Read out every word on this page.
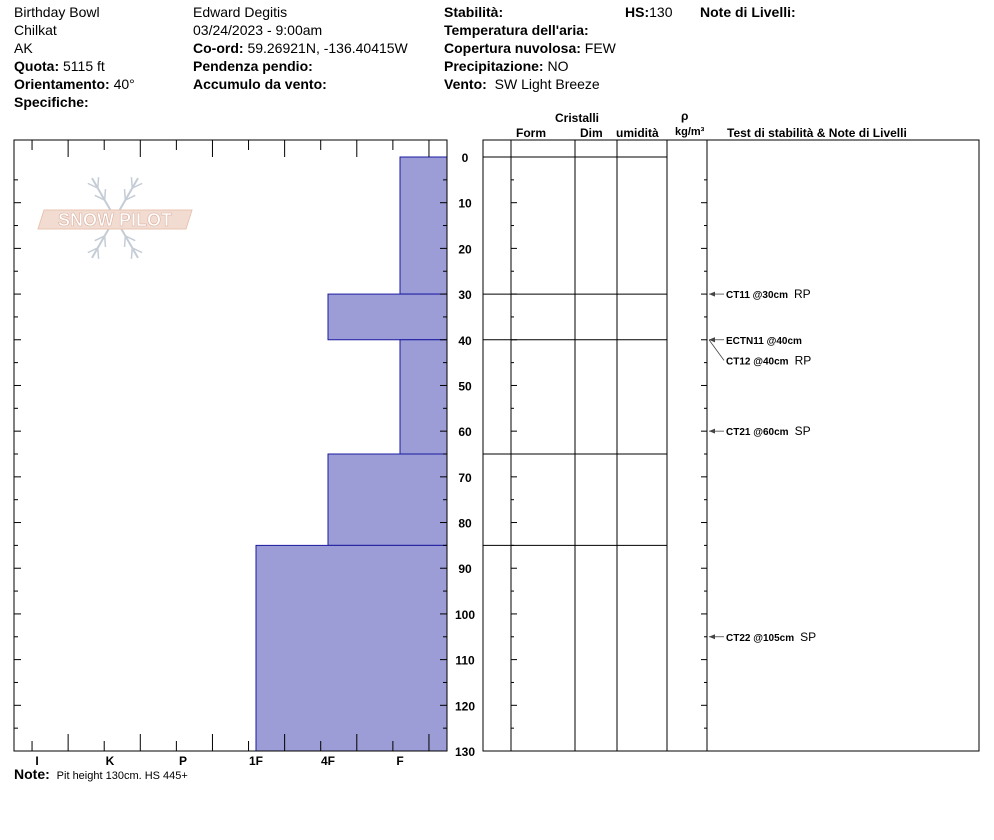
Birthday Bowl
Chilkat
AK
Quota: 5115 ft
Orientamento: 40°
Specifiche:
Edward Degitis
03/24/2023 - 9:00am
Co-ord: 59.26921N, -136.40415W
Pendenza pendio:
Accumulo da vento:
Stabilità:
Temperatura dell'aria:
Copertura nuvolosa: FEW
Precipitazione: NO
Vento: SW Light Breeze
HS:130 Note di Livelli:
Cristalli
Form	Dim umidità
ρ
kg/m³ Test di stabilità & Note di Livelli
SNOW PILOT
I	K	P	1F	4F	F
0
10
20
30
40
50
60
70
80
90
100
110
120
130
CT11 @30cm RP
ECTN11 @40cm
CT12 @40cm RP
CT21 @60cm SP
CT22 @105cm SP
Note: Pit height 130cm. HS 445+
